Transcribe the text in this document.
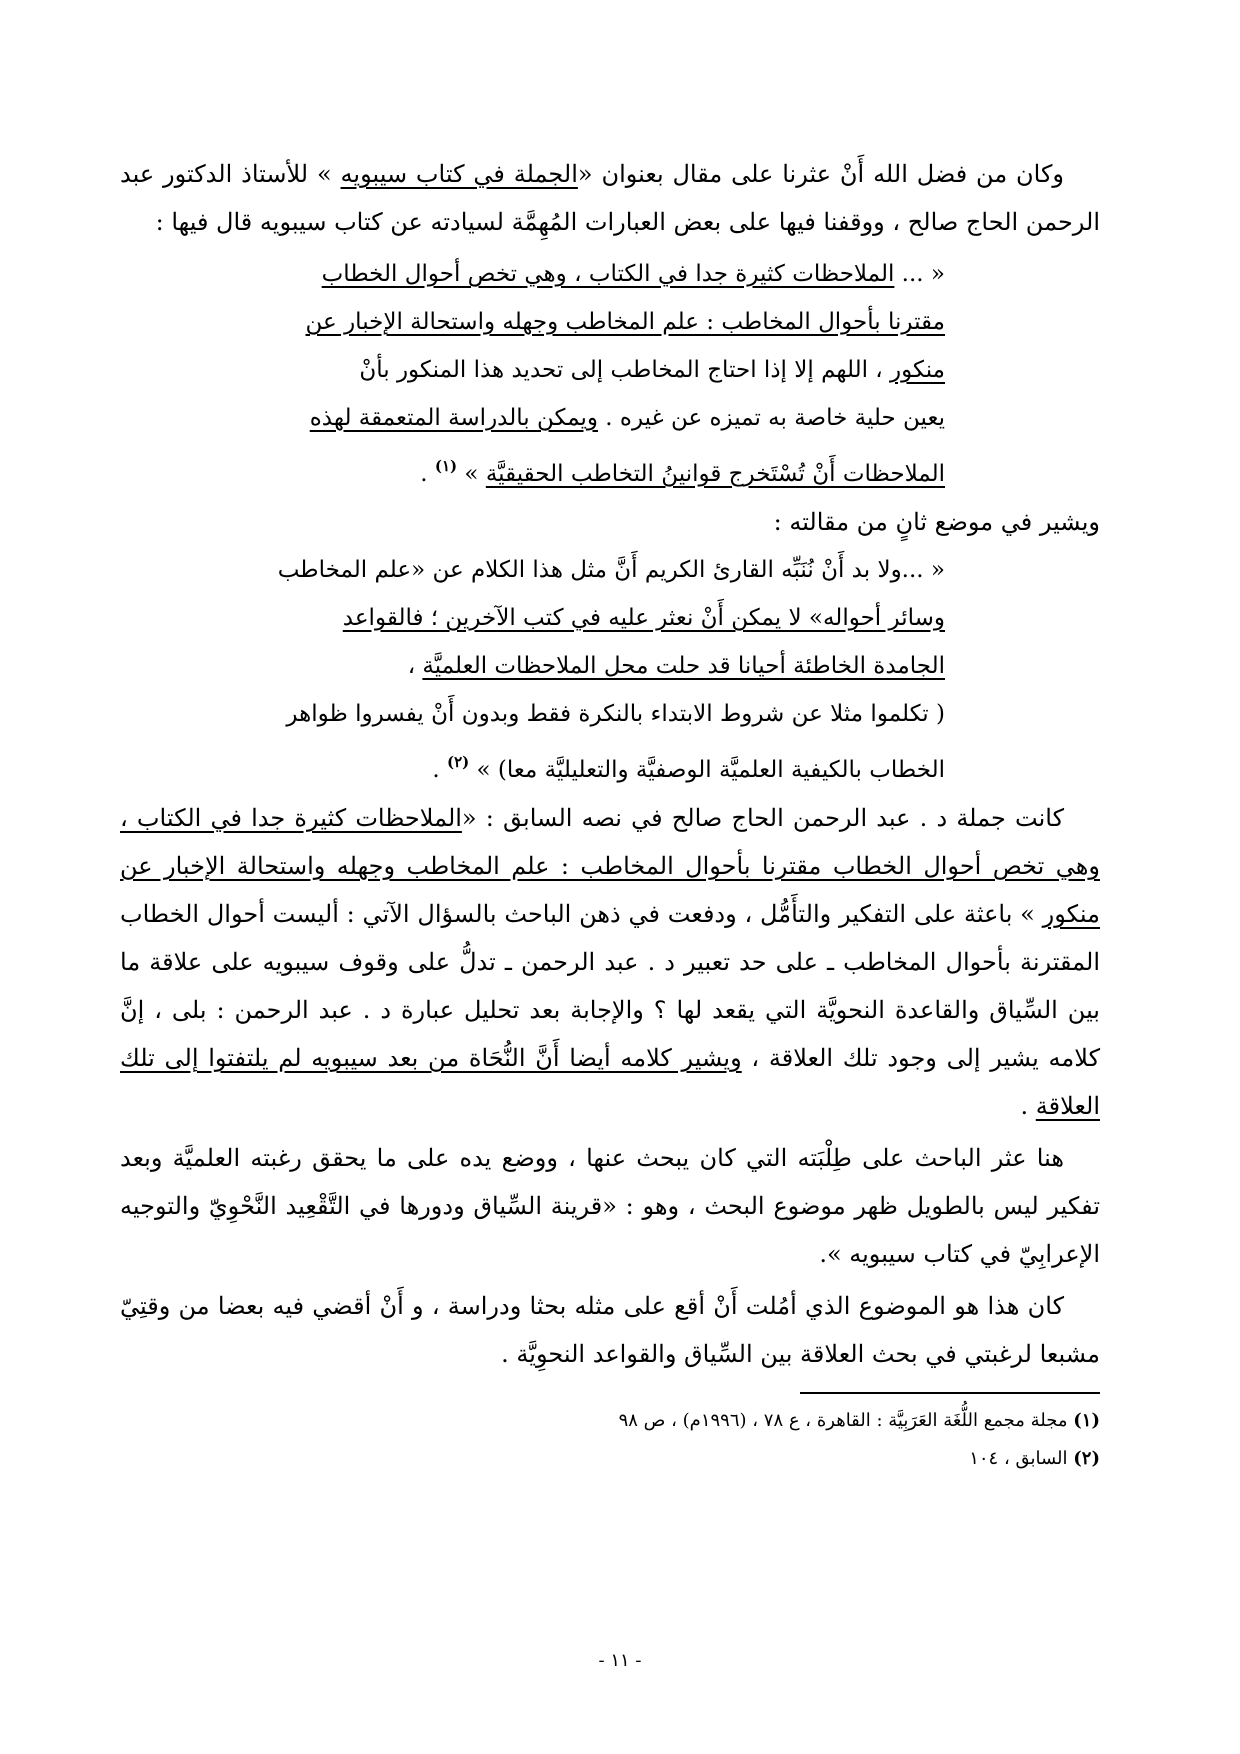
وكان من فضل الله أَنْ عثرنا على مقال بعنوان «الجملة في كتاب سيبويه » للأستاذ الدكتور عبد الرحمن الحاج صالح ، ووقفنا فيها على بعض العبارات المُهِمَّة لسيادته عن كتاب سيبويه قال فيها :

« ... الملاحظات كثيرة جدا في الكتاب ، وهي تخص أحوال الخطاب
مقترنا بأحوال المخاطب : علم المخاطب وجهله واستحالة الإخبار عن
منكور ، اللهم إلا إذا احتاج المخاطب إلى تحديد هذا المنكور بأنْ
يعين حلية خاصة به تميزه عن غيره . ويمكن بالدراسة المتعمقة لهذه
الملاحظات أَنْ تُسْتَخرج قوانينُ التخاطب الحقيقيَّة » $^{(١)}$ .

ويشير في موضع ثانٍ من مقالته :

« ...ولا بد أَنْ نُنَبِّه القارئ الكريم أَنَّ مثل هذا الكلام عن «علم المخاطب
وسائر أحواله» لا يمكن أَنْ نعثر عليه في كتب الآخرين ؛ فالقواعد
الجامدة الخاطئة أحيانا قد حلت محل الملاحظات العلميَّة ،
( تكلموا مثلا عن شروط الابتداء بالنكرة فقط وبدون أَنْ يفسروا ظواهر
الخطاب بالكيفية العلميَّة الوصفيَّة والتعليليَّة معا) » $^{(٢)}$ .

كانت جملة د . عبد الرحمن الحاج صالح في نصه السابق : «الملاحظات كثيرة جدا في الكتاب ، وهي تخص أحوال الخطاب مقترنا بأحوال المخاطب : علم المخاطب وجهله واستحالة الإخبار عن منكور » باعثة على التفكير والتأَمُّل ، ودفعت في ذهن الباحث بالسؤال الآتي : أليست أحوال الخطاب المقترنة بأحوال المخاطب ـ على حد تعبير د . عبد الرحمن ـ تدلُّ على وقوف سيبويه على علاقة ما بين السِّياق والقاعدة النحويَّة التي يقعد لها ؟ والإجابة بعد تحليل عبارة د . عبد الرحمن : بلى ، إنَّ كلامه يشير إلى وجود تلك العلاقة ، ويشير كلامه أيضا أَنَّ النُّحَاة من بعد سيبويه لم يلتفتوا إلى تلك العلاقة .

هنا عثر الباحث على طِلْبَته التي كان يبحث عنها ، ووضع يده على ما يحقق رغبته العلميَّة وبعد تفكير ليس بالطويل ظهر موضوع البحث ، وهو : «قرينة السِّياق ودورها في التَّقْعِيد النَّحْوِيّ والتوجيه الإعرابِيّ في كتاب سيبويه ».

كان هذا هو الموضوع الذي أمُلت أَنْ أقع على مثله بحثا ودراسة ، و أَنْ أقضي فيه بعضا من وقتِيّ مشبعا لرغبتي في بحث العلاقة بين السِّياق والقواعد النحوِيَّة .

(١) مجلة مجمع اللُّغَة العَرَبِيَّة : القاهرة ، ع ٧٨ ، (١٩٩٦م) ، ص ٩٨

(٢) السابق ، ١٠٤

- ١١ -
